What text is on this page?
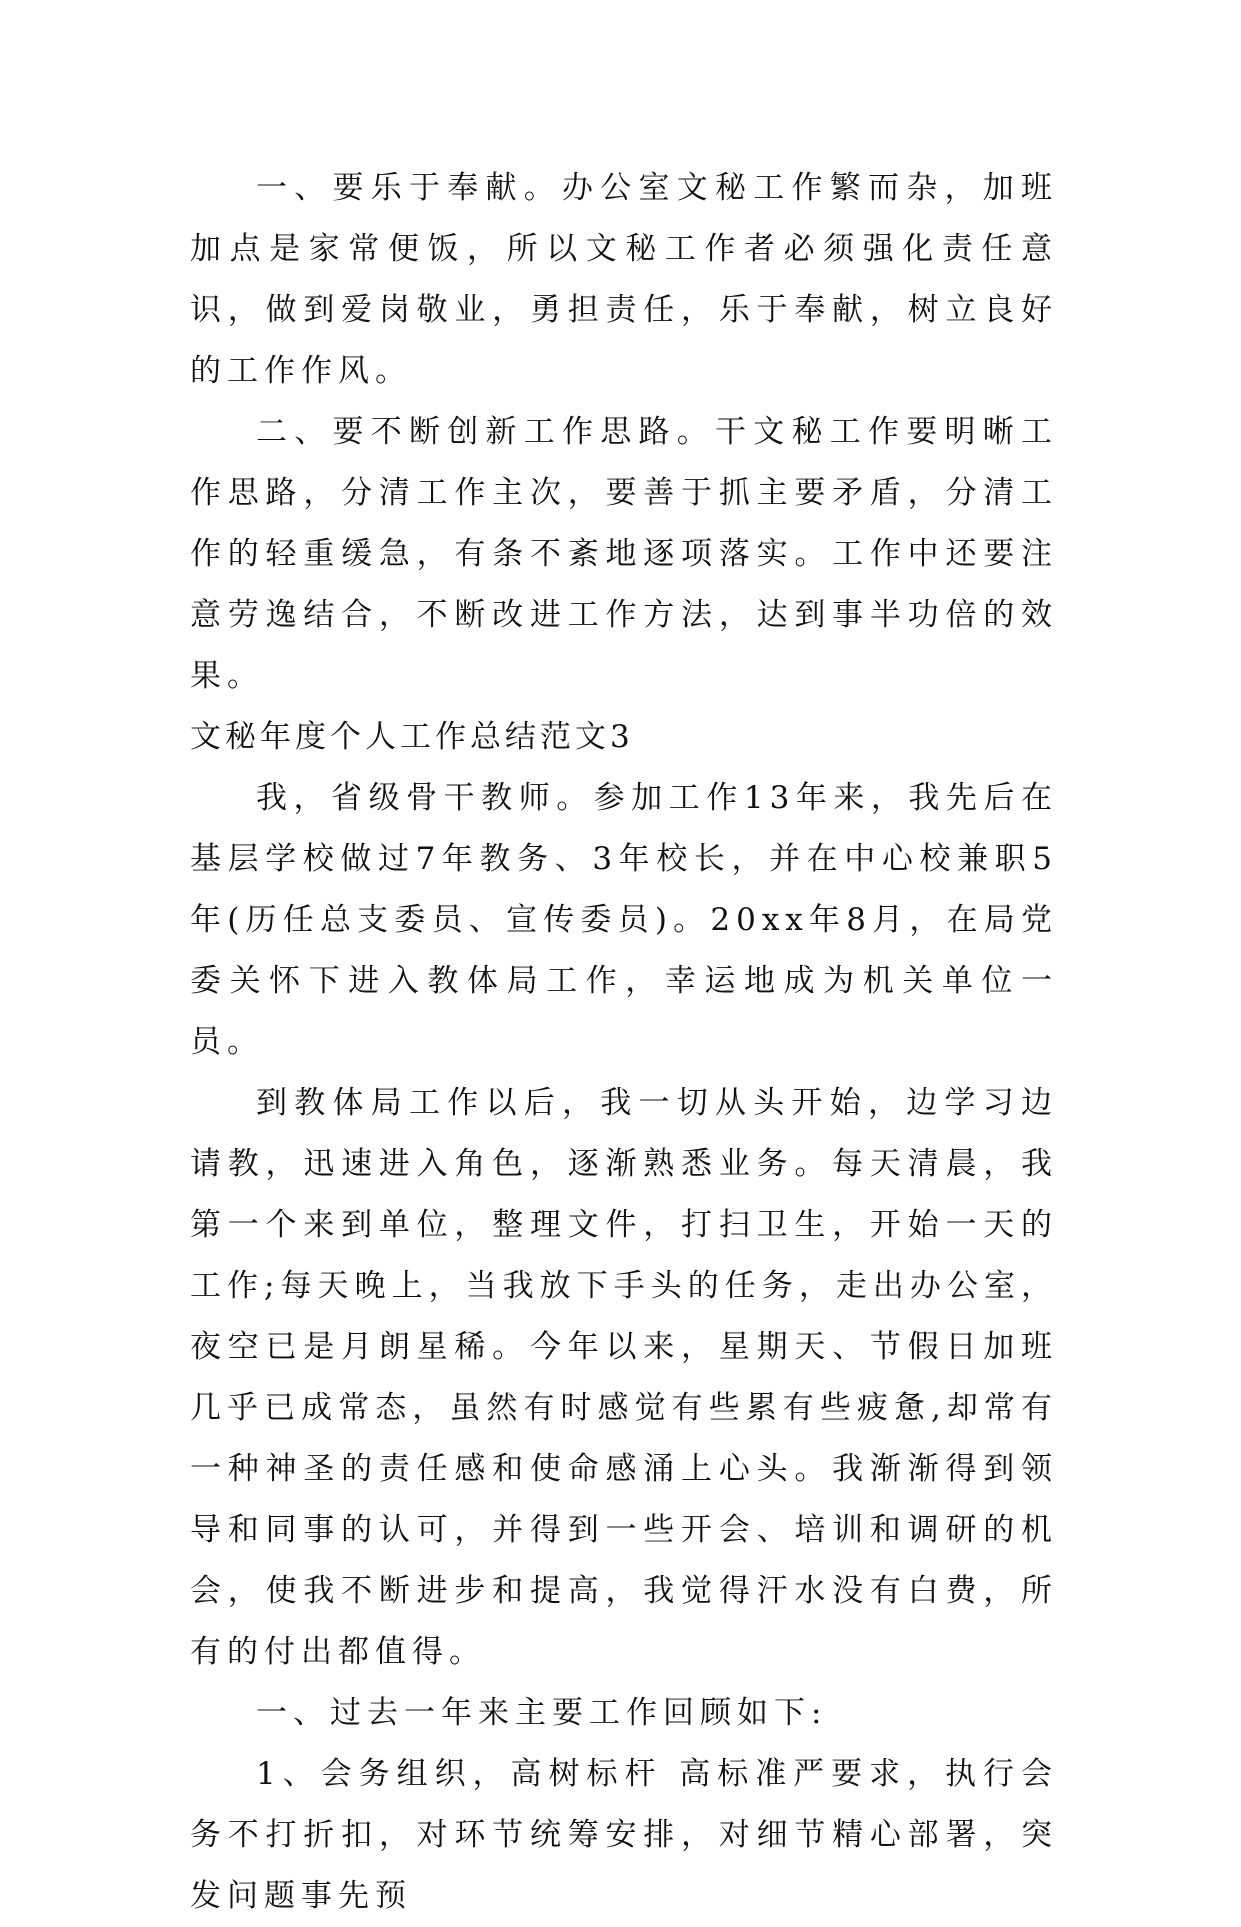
一、要乐于奉献。办公室文秘工作繁而杂，加班加点是家常便饭，所以文秘工作者必须强化责任意识，做到爱岗敬业，勇担责任，乐于奉献，树立良好的工作作风。

二、要不断创新工作思路。干文秘工作要明晰工作思路，分清工作主次，要善于抓主要矛盾，分清工作的轻重缓急，有条不紊地逐项落实。工作中还要注意劳逸结合，不断改进工作方法，达到事半功倍的效果。

文秘年度个人工作总结范文3

我，省级骨干教师。参加工作13年来，我先后在基层学校做过7年教务、3年校长，并在中心校兼职5年(历任总支委员、宣传委员)。20xx年8月，在局党委关怀下进入教体局工作，幸运地成为机关单位一员。

到教体局工作以后，我一切从头开始，边学习边请教，迅速进入角色，逐渐熟悉业务。每天清晨，我第一个来到单位，整理文件，打扫卫生，开始一天的工作;每天晚上，当我放下手头的任务，走出办公室，夜空已是月朗星稀。今年以来，星期天、节假日加班几乎已成常态，虽然有时感觉有些累有些疲惫,却常有一种神圣的责任感和使命感涌上心头。我渐渐得到领导和同事的认可，并得到一些开会、培训和调研的机会，使我不断进步和提高，我觉得汗水没有白费，所有的付出都值得。

一、过去一年来主要工作回顾如下:

1、会务组织，高树标杆 高标准严要求，执行会务不打折扣，对环节统筹安排，对细节精心部署，突发问题事先预
